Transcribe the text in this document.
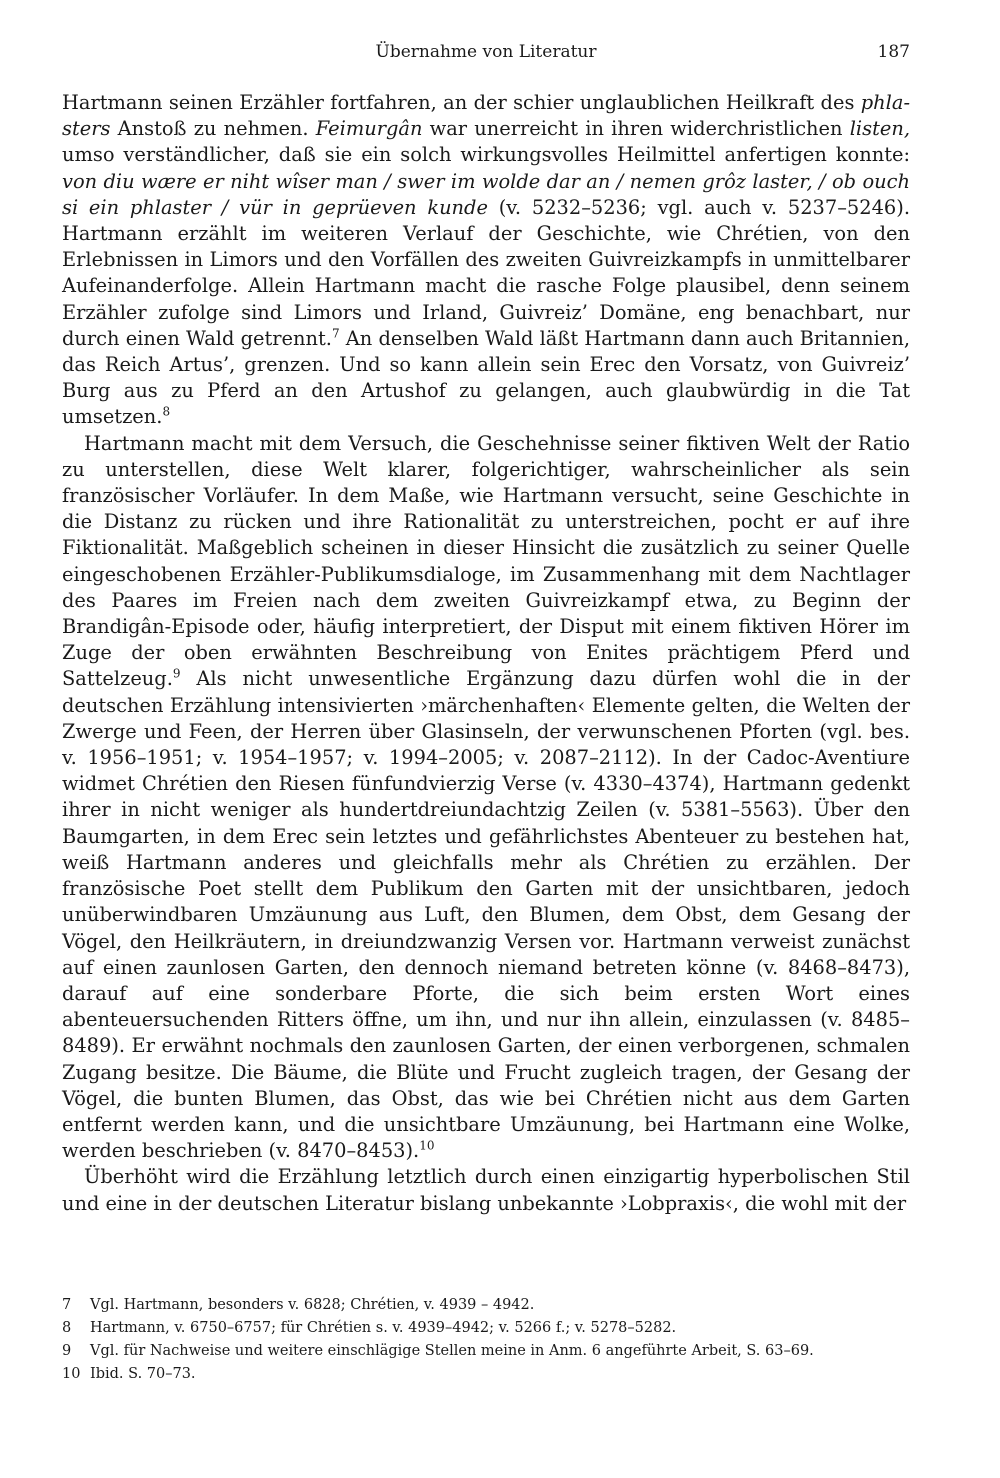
Übernahme von Literatur	187

Hartmann seinen Erzähler fortfahren, an der schier unglaublichen Heilkraft des phlasters Anstoß zu nehmen. Feimurgân war unerreicht in ihren widerchristlichen listen, umso verständlicher, daß sie ein solch wirkungsvolles Heilmittel anfertigen konnte: von diu wære er niht wîser man / swer im wolde dar an / nemen grôz laster, / ob ouch si ein phlaster / vür in geprüeven kunde (v. 5232–5236; vgl. auch v. 5237–5246). Hartmann erzählt im weiteren Verlauf der Geschichte, wie Chrétien, von den Erlebnissen in Limors und den Vorfällen des zweiten Guivreizkampfs in unmittelbarer Aufeinanderfolge. Allein Hartmann macht die rasche Folge plausibel, denn seinem Erzähler zufolge sind Limors und Irland, Guivreiz’ Domäne, eng benachbart, nur durch einen Wald getrennt.$^7$ An denselben Wald läßt Hartmann dann auch Britannien, das Reich Artus’, grenzen. Und so kann allein sein Erec den Vorsatz, von Guivreiz’ Burg aus zu Pferd an den Artushof zu gelangen, auch glaubwürdig in die Tat umsetzen.$^8$

Hartmann macht mit dem Versuch, die Geschehnisse seiner fiktiven Welt der Ratio zu unterstellen, diese Welt klarer, folgerichtiger, wahrscheinlicher als sein französischer Vorläufer. In dem Maße, wie Hartmann versucht, seine Geschichte in die Distanz zu rücken und ihre Rationalität zu unterstreichen, pocht er auf ihre Fiktionalität. Maßgeblich scheinen in dieser Hinsicht die zusätzlich zu seiner Quelle eingeschobenen Erzähler-Publikumsdialoge, im Zusammenhang mit dem Nachtlager des Paares im Freien nach dem zweiten Guivreizkampf etwa, zu Beginn der Brandigân-Episode oder, häufig interpretiert, der Disput mit einem fiktiven Hörer im Zuge der oben erwähnten Beschreibung von Enites prächtigem Pferd und Sattelzeug.$^9$ Als nicht unwesentliche Ergänzung dazu dürfen wohl die in der deutschen Erzählung intensivierten ›märchenhaften‹ Elemente gelten, die Welten der Zwerge und Feen, der Herren über Glasinseln, der verwunschenen Pforten (vgl. bes. v. 1956–1951; v. 1954–1957; v. 1994–2005; v. 2087–2112). In der Cadoc-Aventiure widmet Chrétien den Riesen fünfundvierzig Verse (v. 4330–4374), Hartmann gedenkt ihrer in nicht weniger als hundertdreiundachtzig Zeilen (v. 5381–5563). Über den Baumgarten, in dem Erec sein letztes und gefährlichstes Abenteuer zu bestehen hat, weiß Hartmann anderes und gleichfalls mehr als Chrétien zu erzählen. Der französische Poet stellt dem Publikum den Garten mit der unsichtbaren, jedoch unüberwindbaren Umzäunung aus Luft, den Blumen, dem Obst, dem Gesang der Vögel, den Heilkräutern, in dreiundzwanzig Versen vor. Hartmann verweist zunächst auf einen zaunlosen Garten, den dennoch niemand betreten könne (v. 8468–8473), darauf auf eine sonderbare Pforte, die sich beim ersten Wort eines abenteuersuchenden Ritters öffne, um ihn, und nur ihn allein, einzulassen (v. 8485–8489). Er erwähnt nochmals den zaunlosen Garten, der einen verborgenen, schmalen Zugang besitze. Die Bäume, die Blüte und Frucht zugleich tragen, der Gesang der Vögel, die bunten Blumen, das Obst, das wie bei Chrétien nicht aus dem Garten entfernt werden kann, und die unsichtbare Umzäunung, bei Hartmann eine Wolke, werden beschrieben (v. 8470–8453).$^{10}$

Überhöht wird die Erzählung letztlich durch einen einzigartig hyperbolischen Stil und eine in der deutschen Literatur bislang unbekannte ›Lobpraxis‹, die wohl mit der

7	Vgl. Hartmann, besonders v. 6828; Chrétien, v. 4939 – 4942.
8	Hartmann, v. 6750–6757; für Chrétien s. v. 4939–4942; v. 5266 f.; v. 5278–5282.
9	Vgl. für Nachweise und weitere einschlägige Stellen meine in Anm. 6 angeführte Arbeit, S. 63–69.
10 Ibid. S. 70–73.
